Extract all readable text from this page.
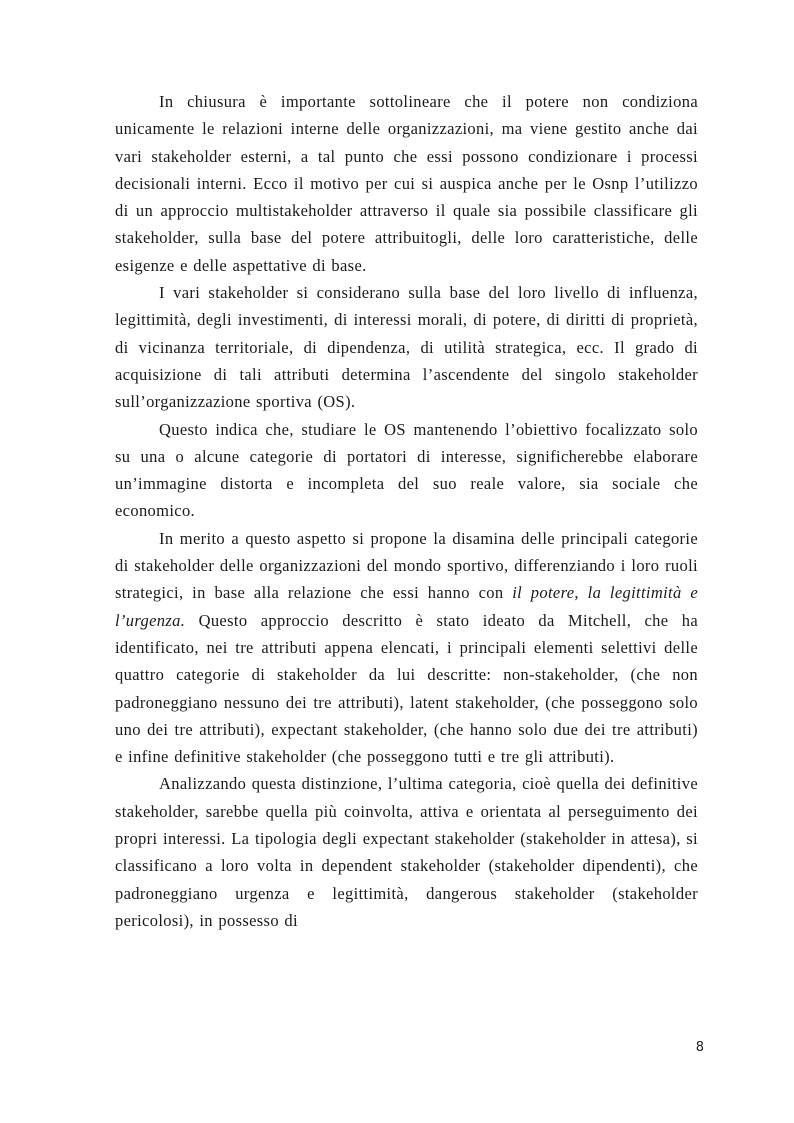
In chiusura è importante sottolineare che il potere non condiziona unicamente le relazioni interne delle organizzazioni, ma viene gestito anche dai vari stakeholder esterni, a tal punto che essi possono condizionare i processi decisionali interni. Ecco il motivo per cui si auspica anche per le Osnp l’utilizzo di un approccio multistakeholder attraverso il quale sia possibile classificare gli stakeholder, sulla base del potere attribuitogli, delle loro caratteristiche, delle esigenze e delle aspettative di base.

I vari stakeholder si considerano sulla base del loro livello di influenza, legittimità, degli investimenti, di interessi morali, di potere, di diritti di proprietà, di vicinanza territoriale, di dipendenza, di utilità strategica, ecc. Il grado di acquisizione di tali attributi determina l’ascendente del singolo stakeholder sull’organizzazione sportiva (OS).

Questo indica che, studiare le OS mantenendo l’obiettivo focalizzato solo su una o alcune categorie di portatori di interesse, significherebbe elaborare un’immagine distorta e incompleta del suo reale valore, sia sociale che economico.

In merito a questo aspetto si propone la disamina delle principali categorie di stakeholder delle organizzazioni del mondo sportivo, differenziando i loro ruoli strategici, in base alla relazione che essi hanno con il potere, la legittimità e l’urgenza. Questo approccio descritto è stato ideato da Mitchell, che ha identificato, nei tre attributi appena elencati, i principali elementi selettivi delle quattro categorie di stakeholder da lui descritte: non-stakeholder, (che non padroneggiano nessuno dei tre attributi), latent stakeholder, (che posseggono solo uno dei tre attributi), expectant stakeholder, (che hanno solo due dei tre attributi) e infine definitive stakeholder (che posseggono tutti e tre gli attributi).

Analizzando questa distinzione, l’ultima categoria, cioè quella dei definitive stakeholder, sarebbe quella più coinvolta, attiva e orientata al perseguimento dei propri interessi. La tipologia degli expectant stakeholder (stakeholder in attesa), si classificano a loro volta in dependent stakeholder (stakeholder dipendenti), che padroneggiano urgenza e legittimità, dangerous stakeholder (stakeholder pericolosi), in possesso di

8
